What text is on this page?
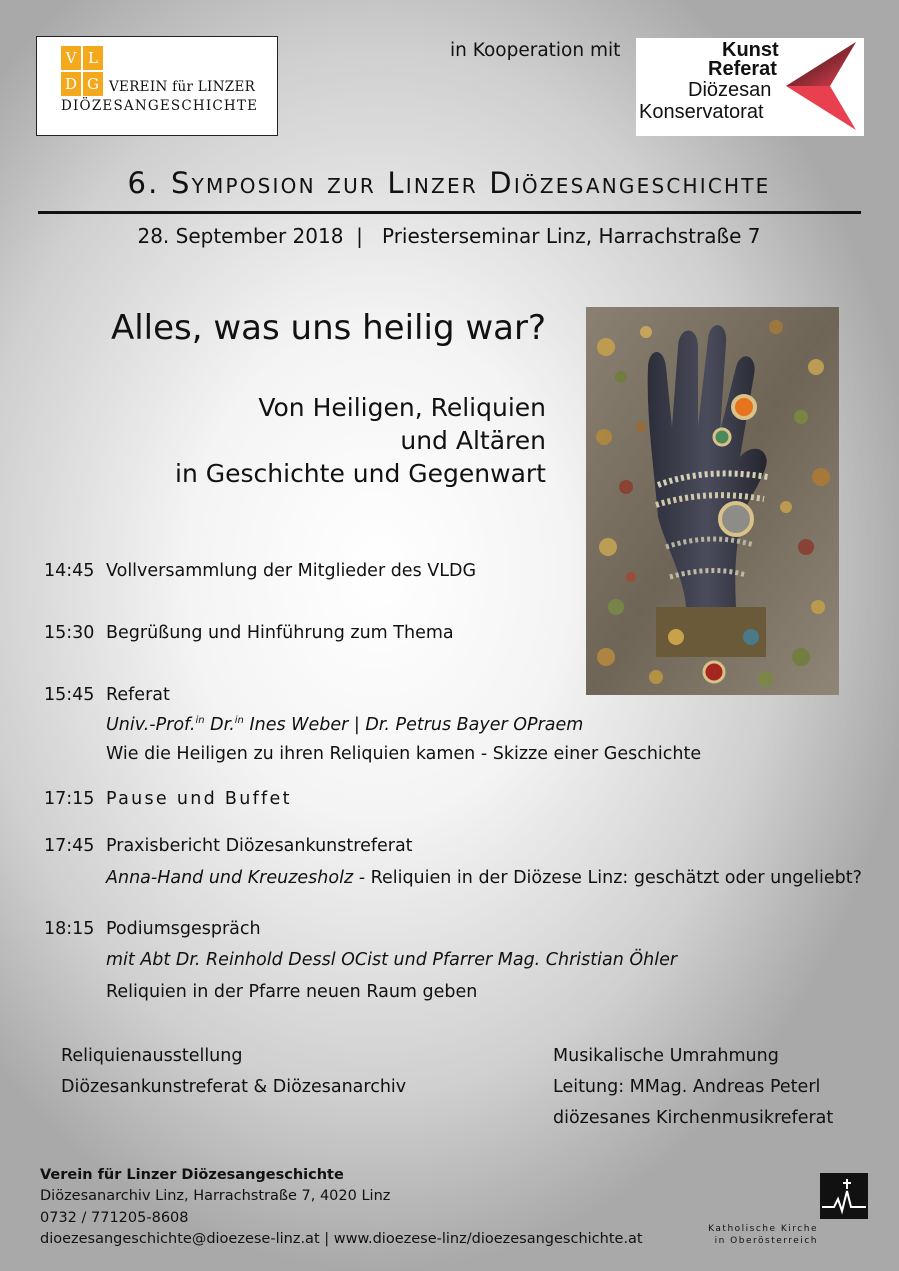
V L
D G VEREIN für LINZER
DIÖZESANGESCHICHTE
in Kooperation mit	Kunst
Referat
Diözesan
Konservatorat
6. Symposion zur Linzer Diözesangeschichte
28. September 2018 | Priesterseminar Linz, Harrachstraße 7
Alles, was uns heilig war?
Von Heiligen, Reliquien
und Altären
in Geschichte und Gegenwart
14:45 Vollversammlung der Mitglieder des VLDG
15:30 Begrüßung und Hinführung zum Thema
15:45 Referat
Univ.-Prof.$^{in}$ Dr.$^{in}$ Ines Weber | Dr. Petrus Bayer OPraem
Wie die Heiligen zu ihren Reliquien kamen - Skizze einer Geschichte
17:15 Pause und Buffet
17:45 Praxisbericht Diözesankunstreferat
Anna-Hand und Kreuzesholz - Reliquien in der Diözese Linz: geschätzt oder ungeliebt?
18:15 Podiumsgespräch
mit Abt Dr. Reinhold Dessl OCist und Pfarrer Mag. Christian Öhler
Reliquien in der Pfarre neuen Raum geben
Reliquienausstellung
Diözesankunstreferat & Diözesanarchiv
Musikalische Umrahmung
Leitung: MMag. Andreas Peterl
diözesanes Kirchenmusikreferat
Verein für Linzer Diözesangeschichte
Diözesanarchiv Linz, Harrachstraße 7, 4020 Linz
0732 / 771205-8608
dioezesangeschichte@dioezese-linz.at | www.dioezese-linz/dioezesangeschichte.at
Katholische Kirche
in Oberösterreich
